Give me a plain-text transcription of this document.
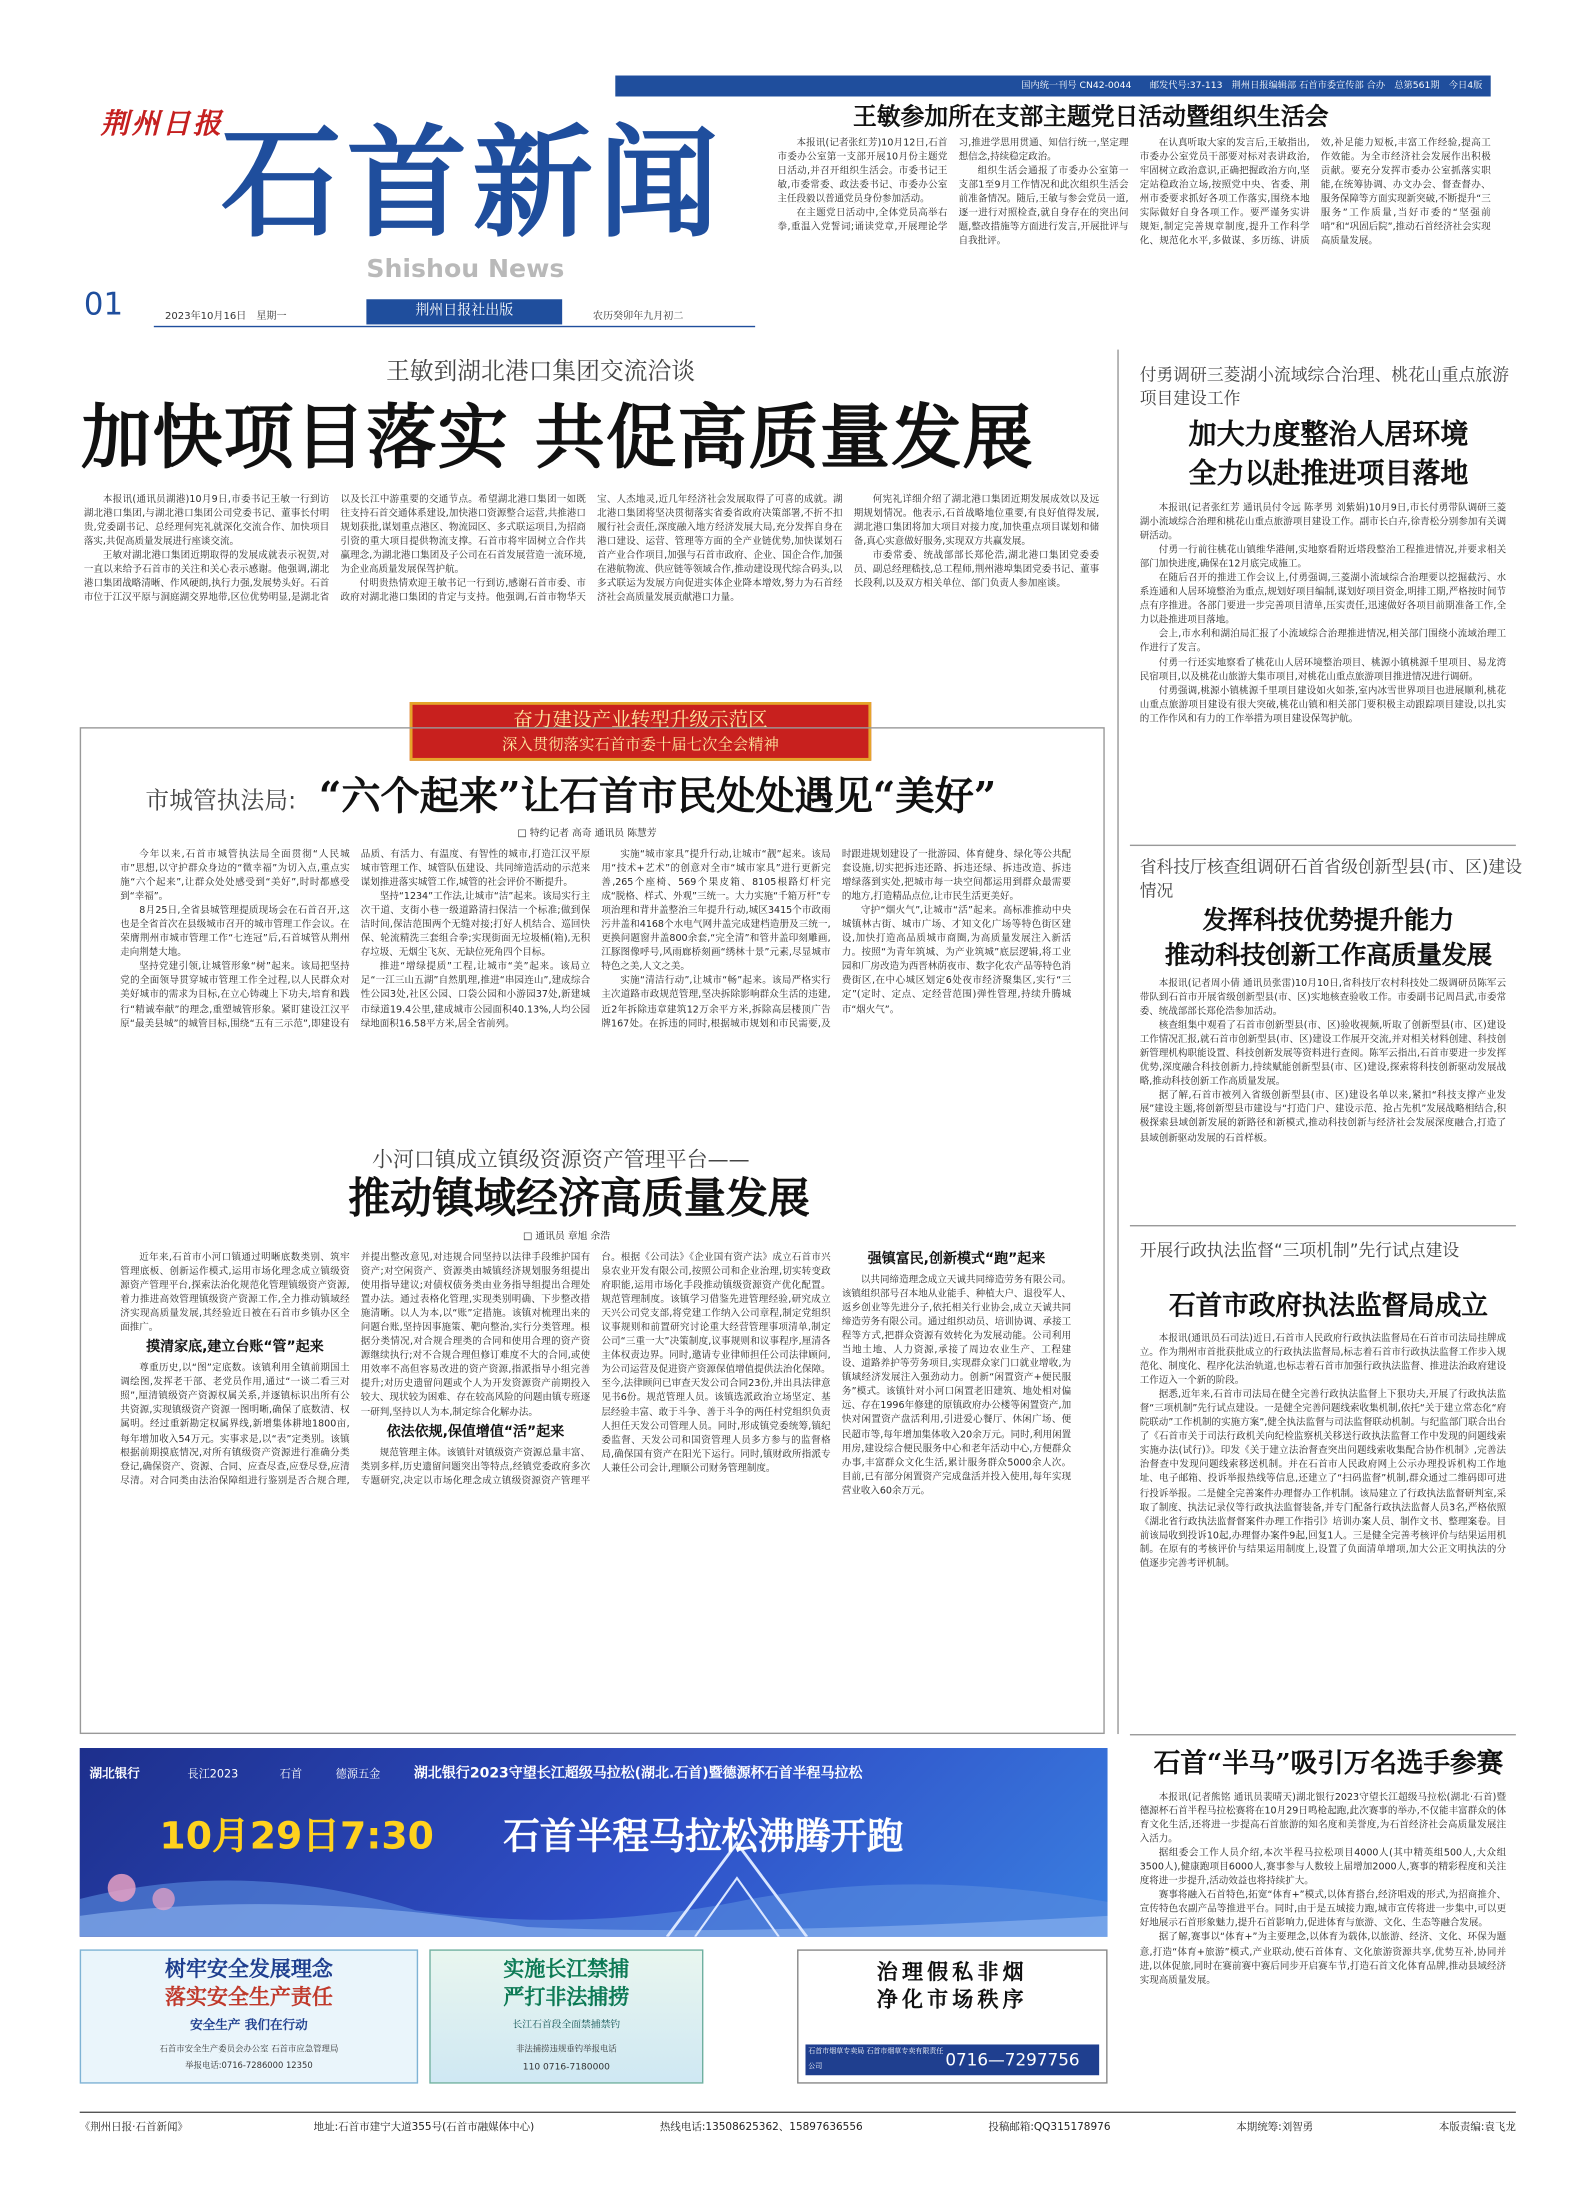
国内统一刊号 CN42-0044　　邮发代号:37-113　荆州日报编辑部 石首市委宣传部 合办　总第561期　今日4版
荆州日报
石首新闻
Shishou News
01	2023年10月16日　星期一	荆州日报社出版	农历癸卯年九月初二
王敏参加所在支部主题党日活动暨组织生活会

本报讯(记者张红芳)10月12日,石首市委办公室第一支部开展10月份主题党日活动,并召开组织生活会。市委书记王敏,市委常委、政法委书记、市委办公室主任段毅以普通党员身份参加活动。

在主题党日活动中,全体党员高举右拳,重温入党誓词;诵读党章,开展理论学习,推进学思用贯通、知信行统一,坚定理想信念,持续稳定政治。

组织生活会通报了市委办公室第一支部1至9月工作情况和此次组织生活会前准备情况。随后,王敏与参会党员一道,逐一进行对照检查,就自身存在的突出问题,整改措施等方面进行发言,开展批评与自我批评。

在认真听取大家的发言后,王敏指出,市委办公室党员干部要对标对表讲政治,牢固树立政治意识,正确把握政治方向,坚定站稳政治立场,按照党中央、省委、荆州市委要求抓好各项工作落实,围绕本地实际做好自身各项工作。要严谨务实讲规矩,制定完善规章制度,提升工作科学化、规范化水平,多做谋、多历练、讲质效,补足能力短板,丰富工作经验,提高工作效能。为全市经济社会发展作出积极贡献。要充分发挥市委办公室抓落实职能,在统筹协调、办文办会、督查督办、服务保障等方面实现新突破,不断提升“三服务”工作质量,当好市委的“坚强前哨”和“巩固后院”,推动石首经济社会实现高质量发展。

王敏到湖北港口集团交流洽谈
加快项目落实 共促高质量发展

本报讯(通讯员湖港)10月9日,市委书记王敏一行到访湖北港口集团,与湖北港口集团公司党委书记、董事长付明贵,党委副书记、总经理何宪礼就深化交流合作、加快项目落实,共促高质量发展进行座谈交流。

王敏对湖北港口集团近期取得的发展成就表示祝贺,对一直以来给予石首市的关注和关心表示感谢。他强调,湖北港口集团战略清晰、作风硬朗,执行力强,发展势头好。石首市位于江汉平原与洞庭湖交界地带,区位优势明显,是湖北省以及长江中游重要的交通节点。希望湖北港口集团一如既往支持石首交通体系建设,加快港口资源整合运营,共推港口规划获批,谋划重点港区、物流园区、多式联运项目,为招商引资的重大项目提供物流支撑。石首市将牢固树立合作共赢理念,为湖北港口集团及子公司在石首发展营造一流环境,为企业高质量发展保驾护航。

付明贵热情欢迎王敏书记一行到访,感谢石首市委、市政府对湖北港口集团的肯定与支持。他强调,石首市物华天宝、人杰地灵,近几年经济社会发展取得了可喜的成就。湖北港口集团将坚决贯彻落实省委省政府决策部署,不折不扣履行社会责任,深度融入地方经济发展大局,充分发挥自身在港口建设、运营、管理等方面的全产业链优势,加快谋划石首产业合作项目,加强与石首市政府、企业、国企合作,加强在港航物流、供应链等领域合作,推动建设现代综合码头,以多式联运为发展方向促进实体企业降本增效,努力为石首经济社会高质量发展贡献港口力量。

何宪礼详细介绍了湖北港口集团近期发展成效以及远期规划情况。他表示,石首战略地位重要,有良好值得发展,湖北港口集团将加大项目对接力度,加快重点项目谋划和储备,真心实意做好服务,实现双方共赢发展。

市委常委、统战部部长郑伦浩,湖北港口集团党委委员、副总经理嵇技,总工程师,荆州港埠集团党委书记、董事长段利,以及双方相关单位、部门负责人参加座谈。

奋力建设产业转型升级示范区
深入贯彻落实石首市委十届七次全会精神
市城管执法局: “六个起来”让石首市民处处遇见“美好”
□ 特约记者 高奇 通讯员 陈慧芳

今年以来,石首市城管执法局全面贯彻“人民城市”思想,以守护群众身边的“微幸福”为切入点,重点实施“六个起来”,让群众处处感受到“美好”,时时都感受到“幸福”。

8月25日,全省县城管理提质现场会在石首召开,这也是全省首次在县级城市召开的城市管理工作会议。在荣膺荆州市城市管理工作“七连冠”后,石首城管从荆州走向荆楚大地。

坚持党建引领,让城管形象“树”起来。该局把坚持党的全面领导贯穿城市管理工作全过程,以人民群众对美好城市的需求为目标,在立心铸魂上下功夫,培育和践行“精诚奉献”的理念,重塑城管形象。紧盯建设江汉平原“最美县城”的城管目标,围绕“五有三示范”,即建设有品质、有活力、有温度、有智性的城市,打造江汉平原城市管理工作、城管队伍建设、共同缔造活动的示范来谋划推进落实城管工作,城管的社会评价不断提升。

坚持“1234”工作法,让城市“洁”起来。该局实行主次干道、支街小巷一级道路清扫保洁一个标准;做到保洁时间,保洁范围两个无缝对接;打好人机结合、巡回快保、轮流精洗三套组合拳;实现街面无垃圾桶(箱),无积存垃圾、无烟尘飞灰、无缺位死角四个目标。

推进“增绿提质”工程,让城市“美”起来。该局立足“一江三山五湖”自然肌理,推进“串园连山”,建成综合性公园3处,社区公园、口袋公园和小游园37处,新建城市绿道19.4公里,建成城市公园面积40.13%,人均公园绿地面积16.58平方米,居全省前列。

实施“城市家具”提升行动,让城市“靓”起来。该局用“技术+艺术”的创意对全市“城市家具”进行更新完善,265个座椅、569个果皮箱、8105根路灯杆完成“脱格、样式、外观”三统一。大力实施“千箱万杆”专项治理和背井盖整治三年提升行动,城区3415个市政雨污井盖和4168个水电气网井盖完成建档造册及三统一,更换问题窗井盖800余套,“完全清”和管井盖印刻雕画,江豚图像呼号,风雨廊桥刻画“绣林十景”元素,尽显城市特色之美,人文之美。

实施“清洁行动”,让城市“畅”起来。该局严格实行主次道路市政规范管理,坚决拆除影响群众生活的违建,近2年拆除违章建筑12万余平方米,拆除高层楼顶广告牌167处。在拆违的同时,根据城市规划和市民需要,及时跟进规划建设了一批游园、体育健身、绿化等公共配套设施,切实把拆违还路、拆违还绿、拆违改造、拆违增绿落到实处,把城市每一块空间都运用到群众最需要的地方,打造精品点位,让市民生活更美好。

守护“烟火气”,让城市“活”起来。高标准推动中央城镇林古街、城市广场、才知文化广场等特色街区建设,加快打造高品质城市商圈,为高质量发展注入新活力。按照“为青年筑城、为产业筑城”底层逻辑,将工业园和厂房改造为西晋林荫夜市、数字化农产品等特色消费街区,在中心城区划定6处夜市经济聚集区,实行“三定”(定时、定点、定经营范围)弹性管理,持续升腾城市“烟火气”。

小河口镇成立镇级资源资产管理平台——
推动镇域经济高质量发展
□ 通讯员 章旭 余浩

近年来,石首市小河口镇通过明晰底数类别、筑牢管理底板、创新运作模式,运用市场化理念成立镇级资源资产管理平台,探索法治化规范化管理镇级资产资源,着力推进高效管理镇级资产资源工作,全力推动镇域经济实现高质量发展,其经验近日被在石首市乡镇办区全面推广。

摸清家底,建立台账“管”起来

尊重历史,以“图”定底数。该镇利用全镇前期国土调绘图,发挥老干部、老党员作用,通过“一谈二看三对照”,厘清镇级资产资源权属关系,并逐镇标识出所有公共资源,实现镇级资产资源一图明晰,确保了底数清、权属明。经过重新勘定权属界线,新增集体耕地1800亩,每年增加收入54万元。实事求是,以“表”定类别。该镇根据前期摸底情况,对所有镇级资产资源进行准确分类登记,确保资产、资源、合同、应查尽查,应登尽登,应清尽清。对合同类由法治保障组进行鉴别是否合规合理,并提出整改意见,对违规合同坚持以法律手段维护国有资产;对空闲资产、资源类由城镇经济规划服务组提出使用指导建议;对债权债务类由业务指导组提出合理处置办法。通过表格化管理,实现类别明确、下步整改措施清晰。以人为本,以“账”定措施。该镇对梳理出来的问题台账,坚持因事施策、靶向整治,实行分类管理。根据分类情况,对合规合理类的合同和使用合理的资产资源继续执行;对不合规合理但修订难度不大的合同,或使用效率不高但容易改进的资产资源,指派指导小组完善提升;对历史遗留问题或个人为开发资源资产前期投入较大、现状较为困难、存在较高风险的问题由镇专班逐一研判,坚持以人为本,制定综合化解办法。

依法依规,保值增值“活”起来

规范管理主体。该镇针对镇级资产资源总量丰富、类别多样,历史遗留问题突出等特点,经镇党委政府多次专题研究,决定以市场化理念成立镇级资源资产管理平台。根据《公司法》《企业国有资产法》成立石首市兴泉农业开发有限公司,按照公司和企业治理,切实转变政府职能,运用市场化手段推动镇级资源资产优化配置。规范管理制度。该镇学习借鉴先进管理经验,研究成立天兴公司党支部,将党建工作纳入公司章程,制定党组织议事规则和前置研究讨论重大经营管理事项清单,制定公司“三重一大”决策制度,议事规则和议事程序,厘清各主体权责边界。同时,邀请专业律师担任公司法律顾问,为公司运营及促进资产资源保值增值提供法治化保障。至今,法律顾问已审查天发公司合同23份,并出具法律意见书6份。规范管理人员。该镇选派政治立场坚定、基层经验丰富、敢于斗争、善于斗争的两任村党组织负责人担任天发公司管理人员。同时,形成镇党委统筹,镇纪委监督、天发公司和国资管理人员多方参与的监督格局,确保国有资产在阳光下运行。同时,镇财政所指派专人兼任公司会计,理顺公司财务管理制度。

强镇富民,创新模式“跑”起来

以共同缔造理念成立天诚共同缔造劳务有限公司。该镇组织部号召本地从业能手、种植大户、退役军人、返乡创业等先进分子,依托相关行业协会,成立天诚共同缔造劳务有限公司。通过组织动员、培训协调、承接工程等方式,把群众资源有效转化为发展动能。公司利用当地土地、人力资源,承接了周边农业生产、工程建设、道路养护等劳务项目,实现群众家门口就业增收,为镇域经济发展注入强劲动力。创新“闲置资产+便民服务”模式。该镇针对小河口闲置老旧建筑、地处相对偏远、存在1996年修建的原镇政府办公楼等闲置资产,加快对闲置资产盘活利用,引进爱心餐厅、休闲广场、便民超市等,每年增加集体收入20余万元。同时,利用闲置用房,建设综合便民服务中心和老年活动中心,方便群众办事,丰富群众文化生活,累计服务群众5000余人次。目前,已有部分闲置资产完成盘活并投入使用,每年实现营业收入60余万元。

付勇调研三菱湖小流域综合治理、桃花山重点旅游项目建设工作
加大力度整治人居环境
全力以赴推进项目落地

本报讯(记者张红芳 通讯员付令远 陈孝男 刘紫娟)10月9日,市长付勇带队调研三菱湖小流域综合治理和桃花山重点旅游项目建设工作。副市长白卉,徐青松分别参加有关调研活动。

付勇一行前往桃花山镇维华港闸,实地察看附近塔段整治工程推进情况,并要求相关部门加快进度,确保在12月底完成施工。

在随后召开的推进工作会议上,付勇强调,三菱湖小流域综合治理要以挖掘截污、水系连通和人居环境整治为重点,规划好项目编制,谋划好项目资金,明排工期,严格按时间节点有序推进。各部门要进一步完善项目清单,压实责任,迅速做好各项目前期准备工作,全力以赴推进项目落地。

会上,市水利和湖泊局汇报了小流域综合治理推进情况,相关部门围绕小流域治理工作进行了发言。

付勇一行还实地察看了桃花山人居环境整治项目、桃源小镇桃源千里项目、易龙湾民宿项目,以及桃花山旅游大集市项目,对桃花山重点旅游项目推进情况进行调研。

付勇强调,桃源小镇桃源千里项目建设如火如荼,室内冰雪世界项目也进展顺利,桃花山重点旅游项目建设有很大突破,桃花山镇和相关部门要积极主动跟踪项目建设,以扎实的工作作风和有力的工作举措为项目建设保驾护航。

省科技厅核查组调研石首省级创新型县(市、区)建设情况
发挥科技优势提升能力
推动科技创新工作高质量发展

本报讯(记者周小倩 通讯员张雷)10月10日,省科技厅农村科技处二级调研员陈军云带队到石首市开展省级创新型县(市、区)实地核查验收工作。市委副书记周昌武,市委常委、统战部部长郑伦浩参加活动。

核查组集中观看了石首市创新型县(市、区)验收视频,听取了创新型县(市、区)建设工作情况汇报,就石首市创新型县(市、区)建设工作展开交流,并对相关材料创建、科技创新管理机构职能设置、科技创新发展等资料进行查阅。陈军云指出,石首市要进一步发挥优势,深度融合科技创新力,持续赋能创新型县(市、区)建设,探索将科技创新驱动发展战略,推动科技创新工作高质量发展。

据了解,石首市被列入省级创新型县(市、区)建设名单以来,紧扣“科技支撑产业发展”建设主题,将创新型县市建设与“打造门户、建设示范、抢占先机”发展战略相结合,积极探索县域创新发展的新路径和新模式,推动科技创新与经济社会发展深度融合,打造了县域创新驱动发展的石首样板。

开展行政执法监督“三项机制”先行试点建设
石首市政府执法监督局成立

本报讯(通讯员石司法)近日,石首市人民政府行政执法监督局在石首市司法局挂牌成立。作为荆州市首批获批成立的行政执法监督局,标志着石首市行政执法监督工作步入规范化、制度化、程序化法治轨道,也标志着石首市加强行政执法监督、推进法治政府建设工作迈入一个新的阶段。

据悉,近年来,石首市司法局在健全完善行政执法监督上下狠功夫,开展了行政执法监督“三项机制”先行试点建设。一是健全完善问题线索收集机制,依托“关于建立常态化“府院联动”工作机制的实施方案”,健全执法监督与司法监督联动机制。与纪监部门联合出台了《石首市关于司法行政机关向纪检监察机关移送行政执法监督工作中发现的问题线索实施办法(试行)》。印发《关于建立法治督查突出问题线索收集配合协作机制》,完善法治督查中发现问题线索移送机制。并在石首市人民政府网上公示办理投诉机构工作地址、电子邮箱、投诉举报热线等信息,还建立了“扫码监督”机制,群众通过二维码即可进行投诉举报。二是健全完善案件办理督办工作机制。该局建立了行政执法监督研判室,采取了制度、执法记录仪等行政执法监督装备,并专门配备行政执法监督人员3名,严格依照《湖北省行政执法监督督案件办理工作指引》培训办案人员、制作文书、整理案卷。目前该局收到投诉10起,办理督办案件9起,回复1人。三是健全完善考核评价与结果运用机制。在原有的考核评价与结果运用制度上,设置了负面清单增项,加大公正文明执法的分值逐步完善考评机制。

石首“半马”吸引万名选手参赛

本报讯(记者熊铭 通讯员裴晴天)湖北银行2023守望长江超级马拉松(湖北·石首)暨德源杯石首半程马拉松赛将在10月29日鸣枪起跑,此次赛事的举办,不仅能丰富群众的体育文化生活,还将进一步提高石首旅游的知名度和美誉度,为石首经济社会高质量发展注入活力。

据组委会工作人员介绍,本次半程马拉松项目4000人(其中精英组500人,大众组3500人),健康跑项目6000人,赛事参与人数较上届增加2000人,赛事的精彩程度和关注度将进一步提升,活动效益也将持续扩大。

赛事将融入石首特色,拓宽“体育+”模式,以体育搭台,经济唱戏的形式,为招商推介、宣传特色农副产品等推进平台。同时,由于是五城接力跑,城市宣传将进一步集中,可以更好地展示石首形象魅力,提升石首影响力,促进体育与旅游、文化、生态等融合发展。

据了解,赛事以“体育+”为主要理念,以体育为载体,以旅游、经济、文化、环保为题意,打造“体育+旅游”模式,产业联动,使石首体育、文化旅游资源共享,优势互补,协同并进,以体促旅,同时在赛前赛中赛后同步开启赛车节,打造石首文化体育品牌,推动县域经济实现高质量发展。

湖北银行	長江2023	石首	德源五金	湖北银行2023守望长江超级马拉松(湖北.石首)暨德源杯石首半程马拉松
10月29日7:30	石首半程马拉松沸腾开跑
树牢安全发展理念
落实安全生产责任
安全生产 我们在行动
石首市安全生产委员会办公室 石首市应急管理局
举报电话:0716-7286000 12350
实施长江禁捕
严打非法捕捞
长江石首段全面禁捕禁钓
非法捕捞违规垂钓举报电话
110 0716-7180000
治理假私非烟
净化市场秩序
石首市烟草专卖局 石首市烟草专卖有限责任公司	0716—7297756
《荆州日报·石首新闻》	地址:石首市建宁大道355号(石首市融媒体中心)	热线电话:13508625362、15897636556	投稿邮箱:QQ315178976	本期统筹:刘智勇	本版责编:袁飞龙
